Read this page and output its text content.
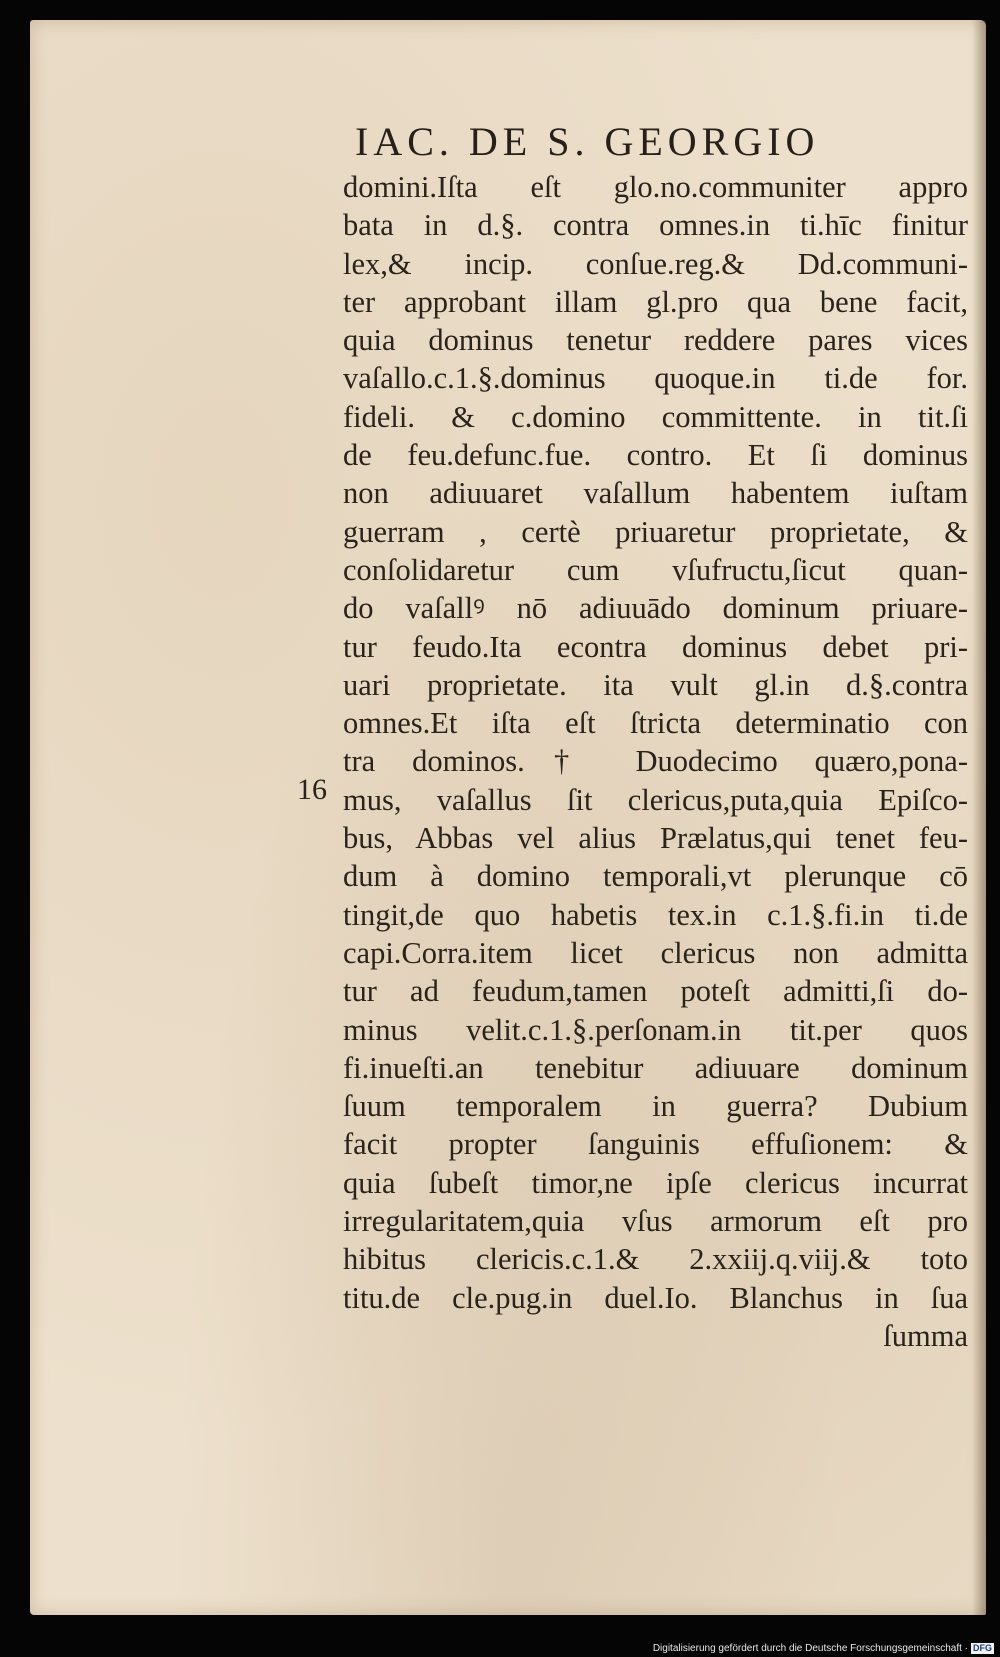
IAC. DE S. GEORGIO
16
domini.Iſta eſt glo.no.communiter appro
bata in d.§. contra omnes.in ti.hīc finitur
lex,& incip. conſue.reg.& Dd.communi-
ter approbant illam gl.pro qua bene facit,
quia dominus tenetur reddere pares vices
vaſallo.c.1.§.dominus quoque.in ti.de for.
fideli. & c.domino committente. in tit.ſi
de feu.defunc.fue. contro. Et ſi dominus
non adiuuaret vaſallum habentem iuſtam
guerram , certè priuaretur proprietate, &
conſolidaretur cum vſufructu,ſicut quan-
do vaſallꝰ nō adiuuādo dominum priuare-
tur feudo.Ita econtra dominus debet pri-
uari proprietate. ita vult gl.in d.§.contra
omnes.Et iſta eſt ſtricta determinatio con
tra dominos.† Duodecimo quæro,pona-
mus, vaſallus ſit clericus,puta,quia Epiſco-
bus, Abbas vel alius Prælatus,qui tenet feu-
dum à domino temporali,vt plerunque cō
tingit,de quo habetis tex.in c.1.§.fi.in ti.de
capi.Corra.item licet clericus non admitta
tur ad feudum,tamen poteſt admitti,ſi do-
minus velit.c.1.§.perſonam.in tit.per quos
fi.inueſti.an tenebitur adiuuare dominum
ſuum temporalem in guerra? Dubium
facit propter ſanguinis effuſionem: &
quia ſubeſt timor,ne ipſe clericus incurrat
irregularitatem,quia vſus armorum eſt pro
hibitus clericis.c.1.& 2.xxiij.q.viij.& toto
titu.de cle.pug.in duel.Io. Blanchus in ſua
ſumma
Digitalisierung gefördert durch die Deutsche Forschungsgemeinschaft · DFG
